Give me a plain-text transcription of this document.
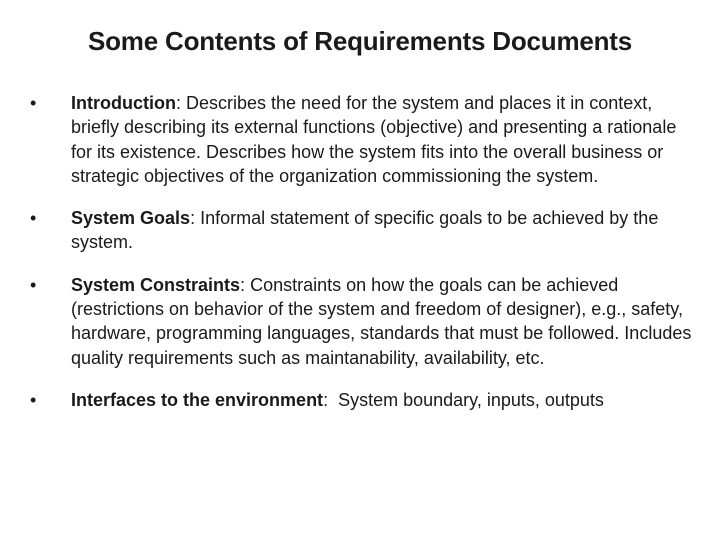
Some Contents of Requirements Documents
•	Introduction: Describes the need for the system and places it in context, briefly describing its external functions (objective) and presenting a rationale for its existence. Describes how the system fits into the overall business or strategic objectives of the organization commissioning the system.
•	System Goals: Informal statement of specific goals to be achieved by the system.
•	System Constraints: Constraints on how the goals can be achieved (restrictions on behavior of the system and freedom of designer), e.g., safety, hardware, programming languages, standards that must be followed. Includes quality requirements such as maintanability, availability, etc.
•	Interfaces to the environment:  System boundary, inputs, outputs
